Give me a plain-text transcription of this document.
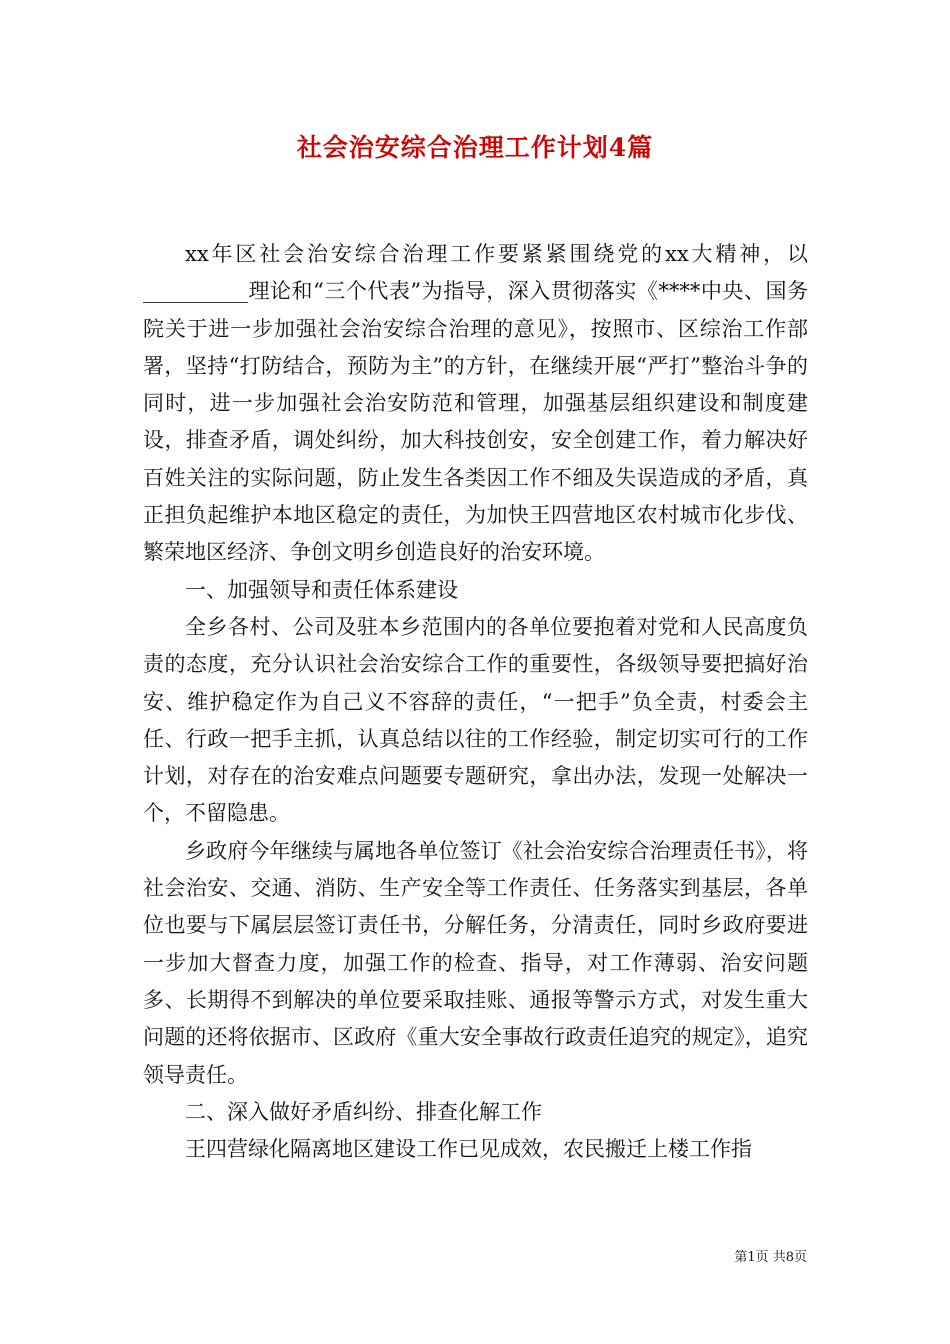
社会治安综合治理工作计划4篇

xx年区社会治安综合治理工作要紧紧围绕党的xx大精神，以__________理论和“三个代表”为指导，深入贯彻落实《****中央、国务院关于进一步加强社会治安综合治理的意见》，按照市、区综治工作部署，坚持“打防结合，预防为主”的方针，在继续开展“严打”整治斗争的同时，进一步加强社会治安防范和管理，加强基层组织建设和制度建设，排查矛盾，调处纠纷，加大科技创安，安全创建工作，着力解决好百姓关注的实际问题，防止发生各类因工作不细及失误造成的矛盾，真正担负起维护本地区稳定的责任，为加快王四营地区农村城市化步伐、繁荣地区经济、争创文明乡创造良好的治安环境。

一、加强领导和责任体系建设

全乡各村、公司及驻本乡范围内的各单位要抱着对党和人民高度负责的态度，充分认识社会治安综合工作的重要性，各级领导要把搞好治安、维护稳定作为自己义不容辞的责任，“一把手”负全责，村委会主任、行政一把手主抓，认真总结以往的工作经验，制定切实可行的工作计划，对存在的治安难点问题要专题研究，拿出办法，发现一处解决一个，不留隐患。

乡政府今年继续与属地各单位签订《社会治安综合治理责任书》，将社会治安、交通、消防、生产安全等工作责任、任务落实到基层，各单位也要与下属层层签订责任书，分解任务，分清责任，同时乡政府要进一步加大督查力度，加强工作的检查、指导，对工作薄弱、治安问题多、长期得不到解决的单位要采取挂账、通报等警示方式，对发生重大问题的还将依据市、区政府《重大安全事故行政责任追究的规定》，追究领导责任。

二、深入做好矛盾纠纷、排查化解工作

王四营绿化隔离地区建设工作已见成效，农民搬迁上楼工作指

第1页 共8页
